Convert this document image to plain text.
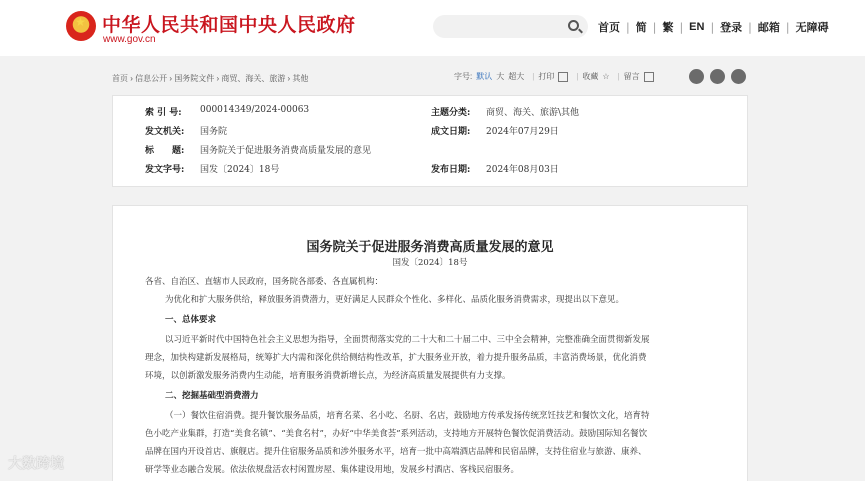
★ 中华人民共和国中央人民政府
www.gov.cn
首页 | 简 | 繁 | EN | 登录 | 邮箱 | 无障碍
首页 › 信息公开 › 国务院文件 › 商贸、海关、旅游 › 其他	字号: 默认 大 超大 | 打印	| 收藏 ☆ | 留言
索 引 号: 000014349/2024-00063	主题分类: 商贸、海关、旅游\其他
发文机关: 国务院	成文日期: 2024年07月29日
标　　题: 国务院关于促进服务消费高质量发展的意见
发文字号: 国发〔2024〕18号	发布日期: 2024年08月03日
国务院关于促进服务消费高质量发展的意见
国发〔2024〕18号
各省、自治区、直辖市人民政府，国务院各部委、各直属机构：
为优化和扩大服务供给，释放服务消费潜力，更好满足人民群众个性化、多样化、品质化服务消费需求，现提出以下意见。
一、总体要求
以习近平新时代中国特色社会主义思想为指导，全面贯彻落实党的二十大和二十届二中、三中全会精神，完整准确全面贯彻新发展
理念，加快构建新发展格局，统筹扩大内需和深化供给侧结构性改革，扩大服务业开放，着力提升服务品质，丰富消费场景，优化消费
环境，以创新激发服务消费内生动能，培育服务消费新增长点，为经济高质量发展提供有力支撑。
二、挖掘基础型消费潜力
（一）餐饮住宿消费。提升餐饮服务品质，培育名菜、名小吃、名厨、名店，鼓励地方传承发扬传统烹饪技艺和餐饮文化，培育特
色小吃产业集群，打造“美食名镇”、“美食名村”，办好“中华美食荟”系列活动，支持地方开展特色餐饮促消费活动。鼓励国际知名餐饮
品牌在国内开设首店、旗舰店。提升住宿服务品质和涉外服务水平，培育一批中高端酒店品牌和民宿品牌，支持住宿业与旅游、康养、
研学等业态融合发展。依法依规盘活农村闲置房屋、集体建设用地，发展乡村酒店、客栈民宿服务。
大数跨境
